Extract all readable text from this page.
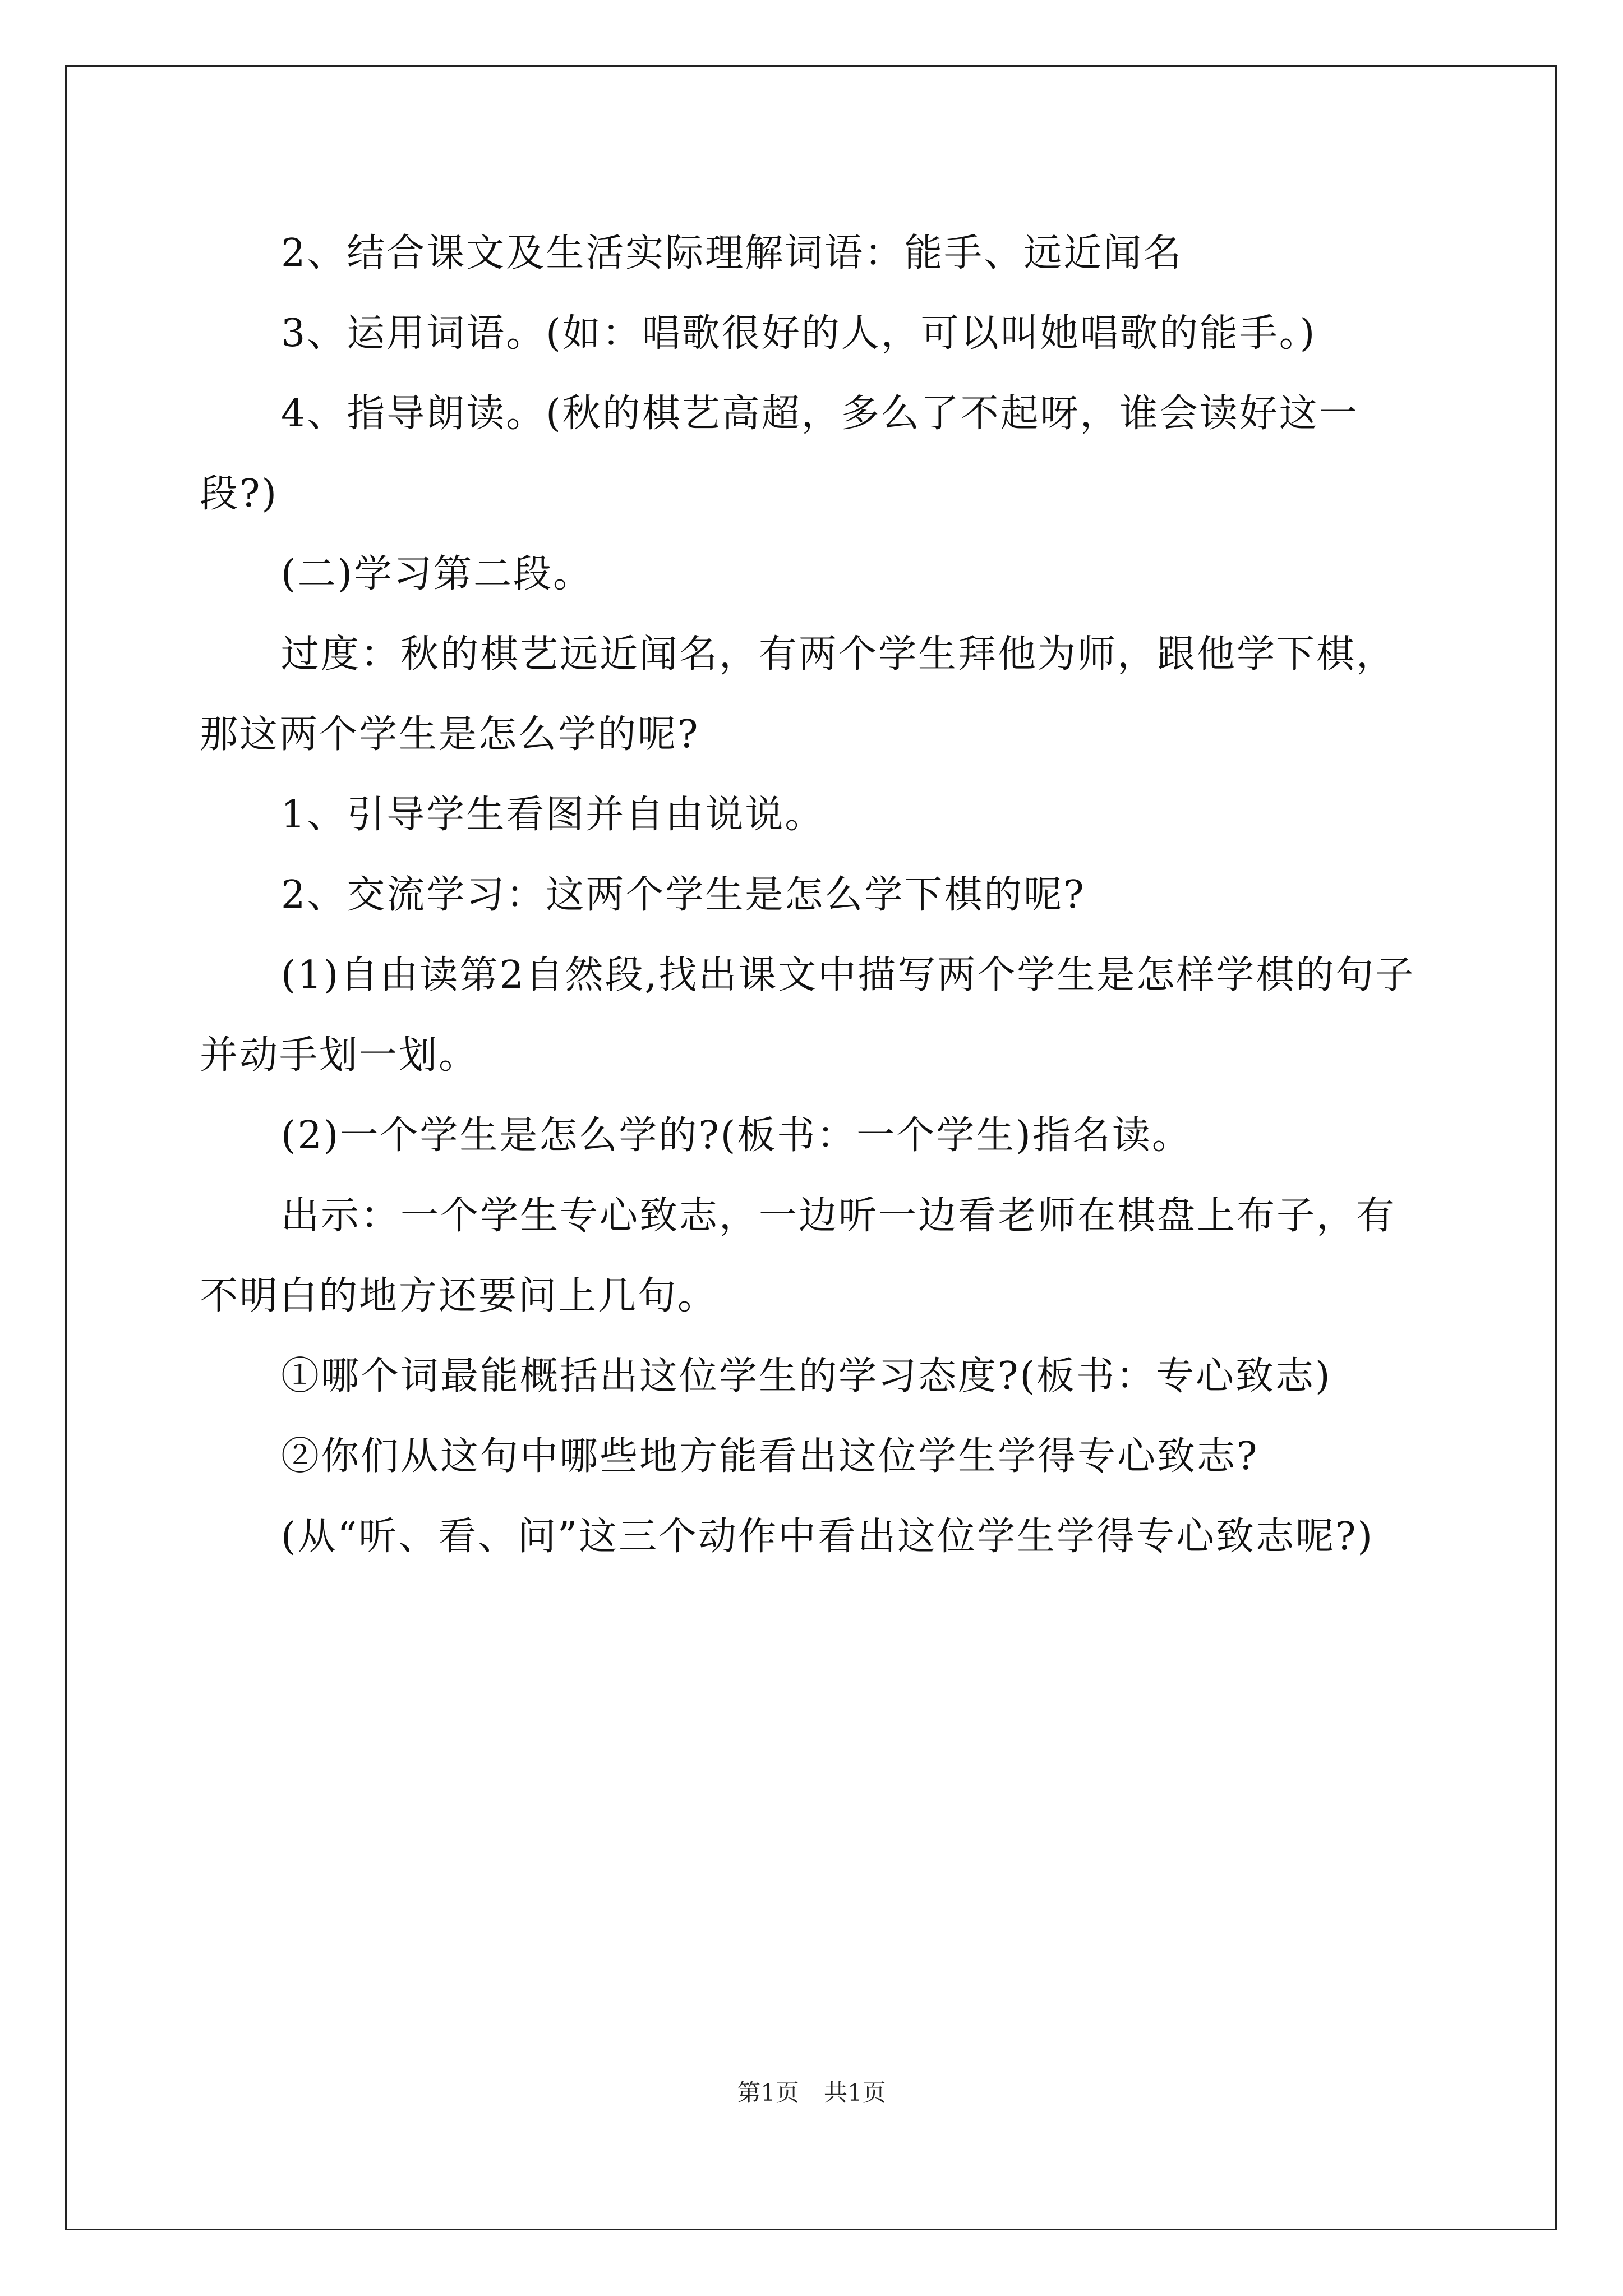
2、结合课文及生活实际理解词语：能手、远近闻名

3、运用词语。(如：唱歌很好的人，可以叫她唱歌的能手。)

4、指导朗读。(秋的棋艺高超，多么了不起呀，谁会读好这一段?)

(二)学习第二段。

过度：秋的棋艺远近闻名，有两个学生拜他为师，跟他学下棋，那这两个学生是怎么学的呢?

1、引导学生看图并自由说说。

2、交流学习：这两个学生是怎么学下棋的呢?

(1)自由读第2自然段,找出课文中描写两个学生是怎样学棋的句子并动手划一划。

(2)一个学生是怎么学的?(板书：一个学生)指名读。

出示：一个学生专心致志，一边听一边看老师在棋盘上布子，有不明白的地方还要问上几句。

①哪个词最能概括出这位学生的学习态度?(板书：专心致志)

②你们从这句中哪些地方能看出这位学生学得专心致志?

(从“听、看、问”这三个动作中看出这位学生学得专心致志呢?)

第1页 共1页
